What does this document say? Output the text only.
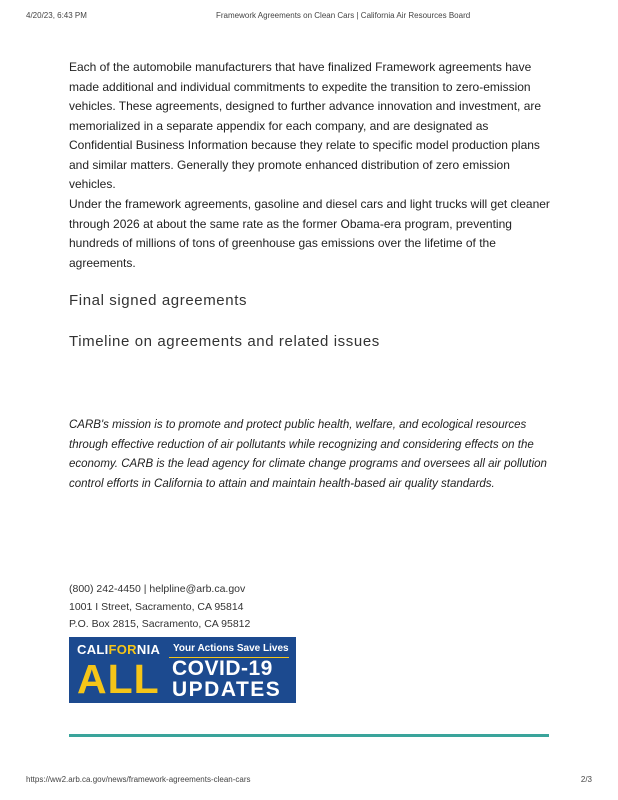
4/20/23, 6:43 PM	Framework Agreements on Clean Cars | California Air Resources Board

Each of the automobile manufacturers that have finalized Framework agreements have made additional and individual commitments to expedite the transition to zero-emission vehicles. These agreements, designed to further advance innovation and investment, are memorialized in a separate appendix for each company, and are designated as Confidential Business Information because they relate to specific model production plans and similar matters. Generally they promote enhanced distribution of zero emission vehicles.

Under the framework agreements, gasoline and diesel cars and light trucks will get cleaner through 2026 at about the same rate as the former Obama-era program, preventing hundreds of millions of tons of greenhouse gas emissions over the lifetime of the agreements.

Final signed agreements
Timeline on agreements and related issues

CARB's mission is to promote and protect public health, welfare, and ecological resources through effective reduction of air pollutants while recognizing and considering effects on the economy. CARB is the lead agency for climate change programs and oversees all air pollution control efforts in California to attain and maintain health-based air quality standards.

(800) 242-4450 | helpline@arb.ca.gov
1001 I Street, Sacramento, CA 95814
P.O. Box 2815, Sacramento, CA 95812
CALIFORNIA
ALL
Your Actions Save Lives
COVID-19
UPDATES
https://ww2.arb.ca.gov/news/framework-agreements-clean-cars	2/3
